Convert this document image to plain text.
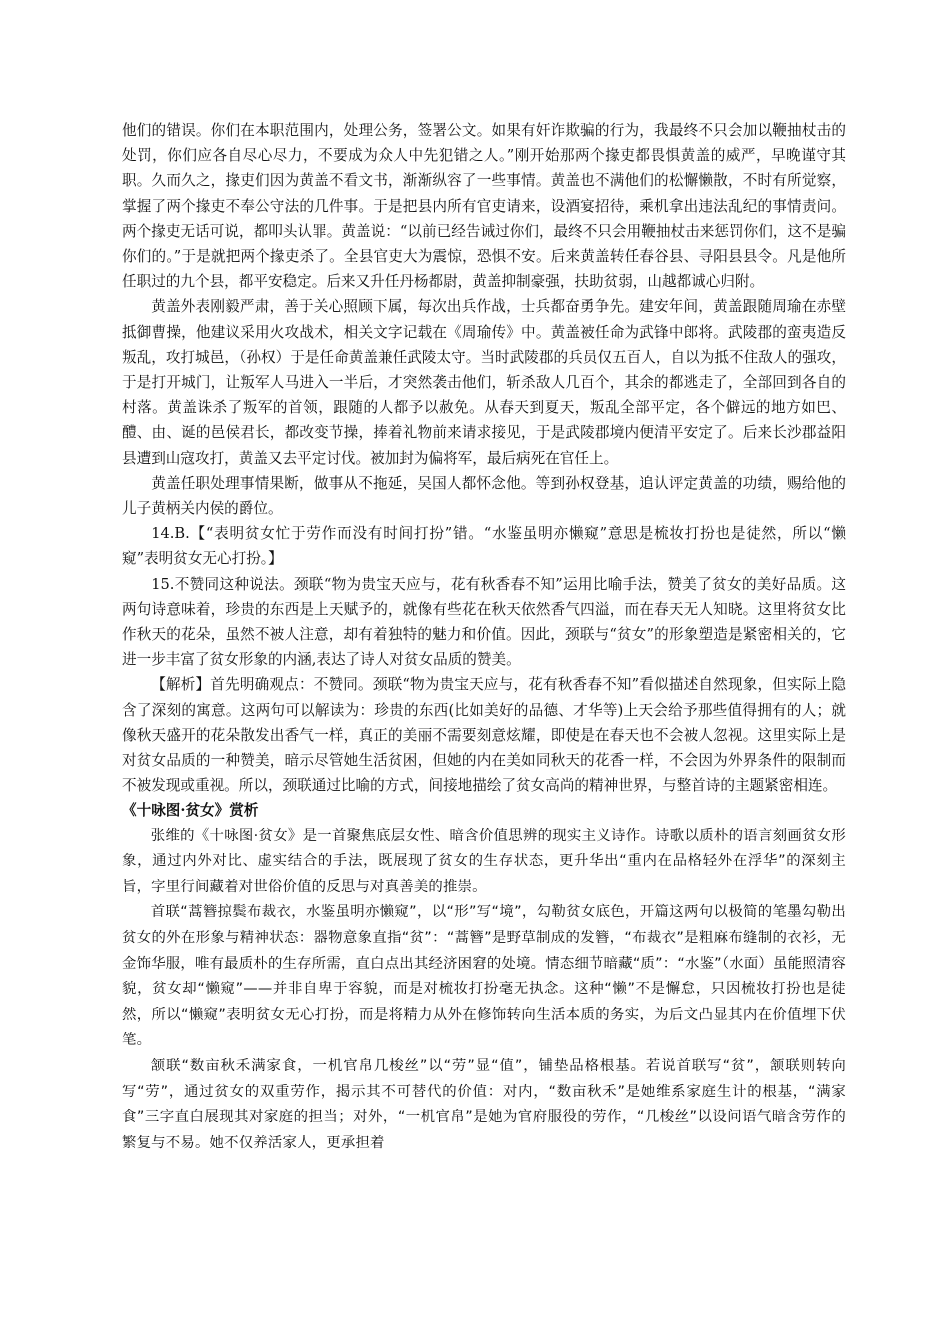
他们的错误。你们在本职范围内，处理公务，签署公文。如果有奸诈欺骗的行为，我最终不只会加以鞭抽杖击的处罚，你们应各自尽心尽力，不要成为众人中先犯错之人。”刚开始那两个掾吏都畏惧黄盖的威严，早晚谨守其职。久而久之，掾吏们因为黄盖不看文书，渐渐纵容了一些事情。黄盖也不满他们的松懈懒散，不时有所觉察，掌握了两个掾吏不奉公守法的几件事。于是把县内所有官吏请来，设酒宴招待，乘机拿出违法乱纪的事情责问。两个掾吏无话可说，都叩头认罪。黄盖说：“以前已经告诫过你们，最终不只会用鞭抽杖击来惩罚你们，这不是骗你们的。”于是就把两个掾吏杀了。全县官吏大为震惊，恐惧不安。后来黄盖转任春谷县、寻阳县县令。凡是他所任职过的九个县，都平安稳定。后来又升任丹杨都尉，黄盖抑制豪强，扶助贫弱，山越都诚心归附。

黄盖外表刚毅严肃，善于关心照顾下属，每次出兵作战，士兵都奋勇争先。建安年间，黄盖跟随周瑜在赤壁抵御曹操，他建议采用火攻战术，相关文字记载在《周瑜传》中。黄盖被任命为武锋中郎将。武陵郡的蛮夷造反叛乱，攻打城邑，（孙权）于是任命黄盖兼任武陵太守。当时武陵郡的兵员仅五百人，自以为抵不住敌人的强攻，于是打开城门，让叛军人马进入一半后，才突然袭击他们，斩杀敌人几百个，其余的都逃走了，全部回到各自的村落。黄盖诛杀了叛军的首领，跟随的人都予以赦免。从春天到夏天，叛乱全部平定，各个僻远的地方如巴、醴、由、诞的邑侯君长，都改变节操，捧着礼物前来请求接见，于是武陵郡境内便清平安定了。后来长沙郡益阳县遭到山寇攻打，黄盖又去平定讨伐。被加封为偏将军，最后病死在官任上。

黄盖任职处理事情果断，做事从不拖延，吴国人都怀念他。等到孙权登基，追认评定黄盖的功绩，赐给他的儿子黄柄关内侯的爵位。

14.B.【“表明贫女忙于劳作而没有时间打扮”错。“水鉴虽明亦懒窥”意思是梳妆打扮也是徒然，所以“懒窥”表明贫女无心打扮。】

15.不赞同这种说法。颈联“物为贵宝天应与，花有秋香春不知”运用比喻手法，赞美了贫女的美好品质。这两句诗意味着，珍贵的东西是上天赋予的，就像有些花在秋天依然香气四溢，而在春天无人知晓。这里将贫女比作秋天的花朵，虽然不被人注意，却有着独特的魅力和价值。因此，颈联与“贫女”的形象塑造是紧密相关的，它进一步丰富了贫女形象的内涵,表达了诗人对贫女品质的赞美。

【解析】首先明确观点：不赞同。颈联“物为贵宝天应与，花有秋香春不知”看似描述自然现象，但实际上隐含了深刻的寓意。这两句可以解读为：珍贵的东西(比如美好的品德、才华等)上天会给予那些值得拥有的人；就像秋天盛开的花朵散发出香气一样，真正的美丽不需要刻意炫耀，即使是在春天也不会被人忽视。这里实际上是对贫女品质的一种赞美，暗示尽管她生活贫困，但她的内在美如同秋天的花香一样，不会因为外界条件的限制而不被发现或重视。所以，颈联通过比喻的方式，间接地描绘了贫女高尚的精神世界，与整首诗的主题紧密相连。

《十咏图·贫女》赏析

张维的《十咏图·贫女》是一首聚焦底层女性、暗含价值思辨的现实主义诗作。诗歌以质朴的语言刻画贫女形象，通过内外对比、虚实结合的手法，既展现了贫女的生存状态，更升华出“重内在品格轻外在浮华”的深刻主旨，字里行间藏着对世俗价值的反思与对真善美的推崇。

首联“蒿簪掠鬓布裁衣，水鉴虽明亦懒窥”，以“形”写“境”，勾勒贫女底色，开篇这两句以极简的笔墨勾勒出贫女的外在形象与精神状态：器物意象直指“贫”：“蒿簪”是野草制成的发簪，“布裁衣”是粗麻布缝制的衣衫，无金饰华服，唯有最质朴的生存所需，直白点出其经济困窘的处境。情态细节暗藏“质”：“水鉴”（水面）虽能照清容貌，贫女却“懒窥”——并非自卑于容貌，而是对梳妆打扮毫无执念。这种“懒”不是懈怠，只因梳妆打扮也是徒然，所以“懒窥”表明贫女无心打扮，而是将精力从外在修饰转向生活本质的务实，为后文凸显其内在价值埋下伏笔。

颔联“数亩秋禾满家食，一机官帛几梭丝”以“劳”显“值”，铺垫品格根基。若说首联写“贫”，颔联则转向写“劳”，通过贫女的双重劳作，揭示其不可替代的价值：对内，“数亩秋禾”是她维系家庭生计的根基，“满家食”三字直白展现其对家庭的担当；对外，“一机官帛”是她为官府服役的劳作，“几梭丝”以设问语气暗含劳作的繁复与不易。她不仅养活家人，更承担着
